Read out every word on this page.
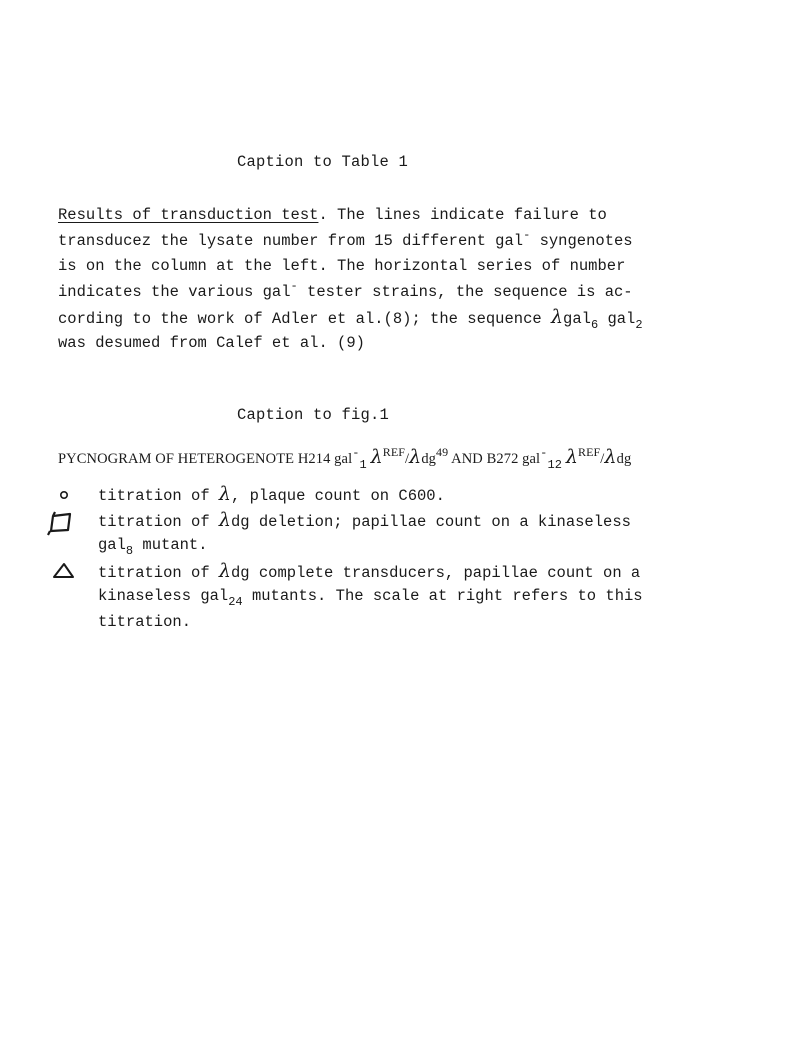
Caption to Table 1
Results of transduction test. The lines indicate failure to
transducez the lysate number from 15 different gal- syngenotes
is on the column at the left. The horizontal series of number
indicates the various gal- tester strains, the sequence is ac-
cording to the work of Adler et al.(8); the sequence λgal$_6$ gal$_2$
was desumed from Calef et al. (9)
Caption to fig.1
PYCNOGRAM OF HETEROGENOTE H214 gal-$_1$ $\lambda^{REF}/\lambda dg^{49}$ AND B272 gal-$_{12}$ $\lambda^{REF}$/λdg
titration of λ, plaque count on C600.
titration of λdg deletion; papillae count on a kinaseless
gal$_8$ mutant.
titration of λdg complete transducers, papillae count on a
kinaseless gal$_{24}$ mutants. The scale at right refers to this
titration.
